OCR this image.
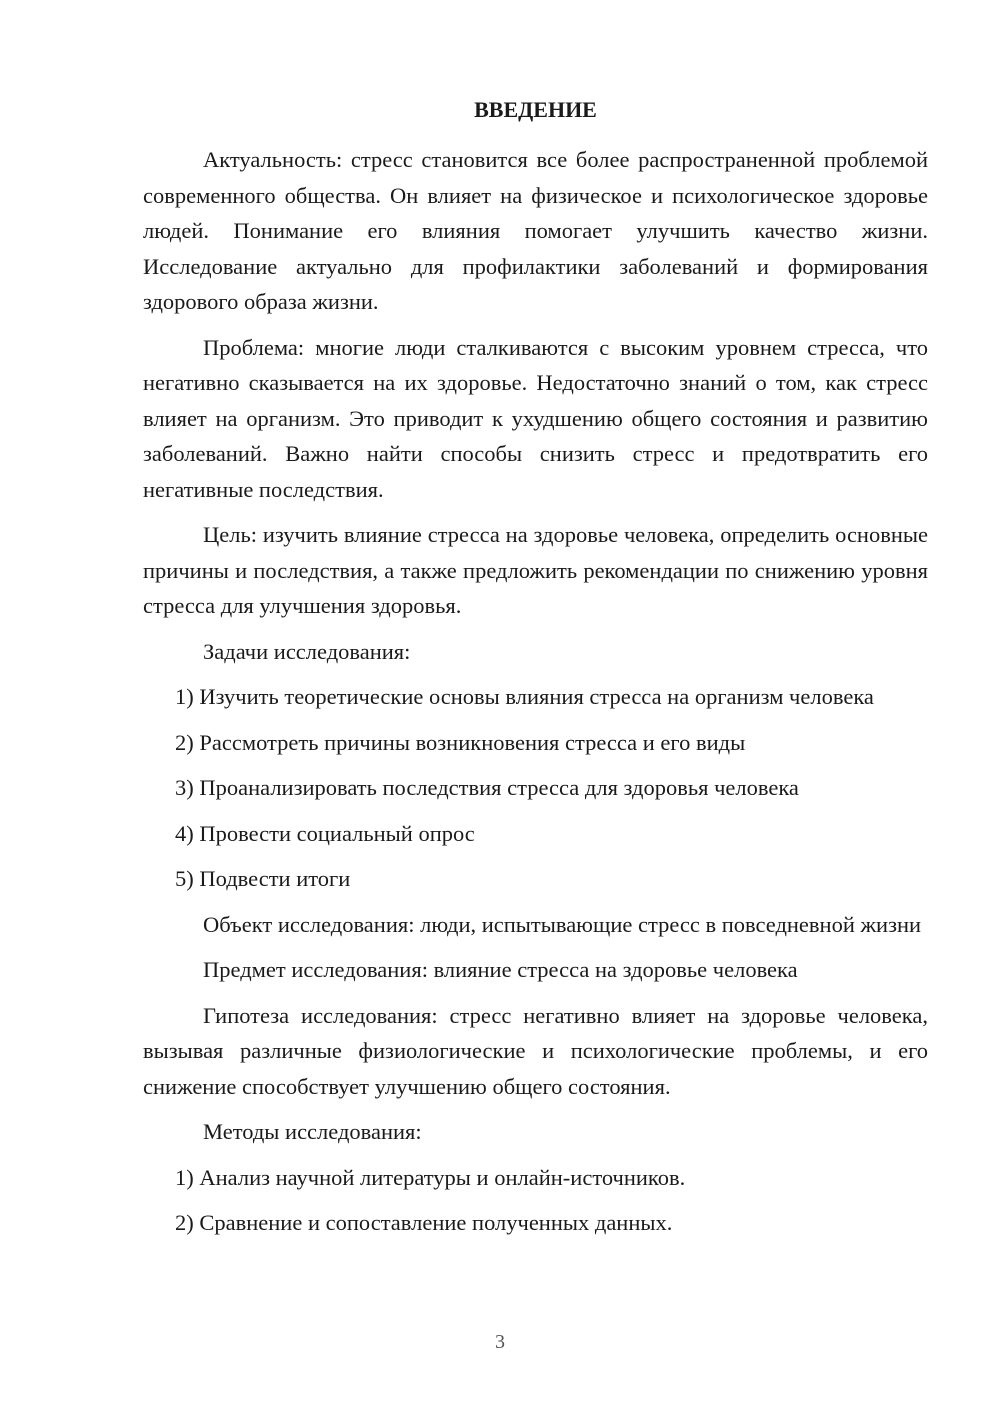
ВВЕДЕНИЕ

Актуальность: стресс становится все более распространенной проблемой современного общества. Он влияет на физическое и психологическое здоровье людей. Понимание его влияния помогает улучшить качество жизни. Исследование актуально для профилактики заболеваний и формирования здорового образа жизни.

Проблема: многие люди сталкиваются с высоким уровнем стресса, что негативно сказывается на их здоровье. Недостаточно знаний о том, как стресс влияет на организм. Это приводит к ухудшению общего состояния и развитию заболеваний. Важно найти способы снизить стресс и предотвратить его негативные последствия.

Цель: изучить влияние стресса на здоровье человека, определить основные причины и последствия, а также предложить рекомендации по снижению уровня стресса для улучшения здоровья.

Задачи исследования:

1) Изучить теоретические основы влияния стресса на организм человека

2) Рассмотреть причины возникновения стресса и его виды

3) Проанализировать последствия стресса для здоровья человека

4) Провести социальный опрос

5) Подвести итоги

Объект исследования: люди, испытывающие стресс в повседневной жизни

Предмет исследования: влияние стресса на здоровье человека

Гипотеза исследования: стресс негативно влияет на здоровье человека, вызывая различные физиологические и психологические проблемы, и его снижение способствует улучшению общего состояния.

Методы исследования:

1) Анализ научной литературы и онлайн-источников.

2) Сравнение и сопоставление полученных данных.

3
